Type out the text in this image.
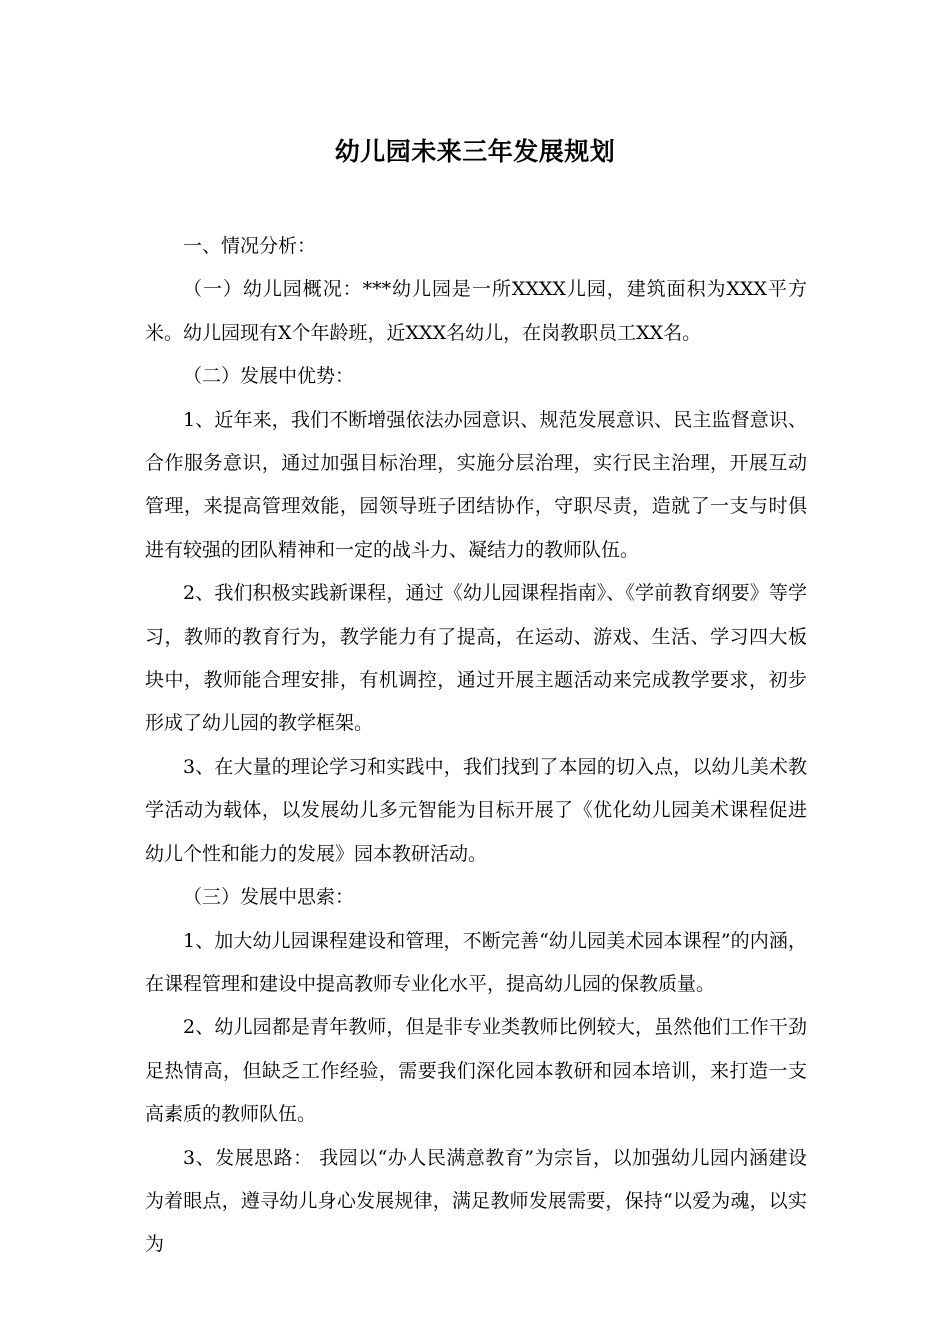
幼儿园未来三年发展规划

一、情况分析：

（一）幼儿园概况：***幼儿园是一所XXXX儿园，建筑面积为XXX平方米。幼儿园现有X个年龄班，近XXX名幼儿，在岗教职员工XX名。

（二）发展中优势：

1、近年来，我们不断增强依法办园意识、规范发展意识、民主监督意识、合作服务意识，通过加强目标治理，实施分层治理，实行民主治理，开展互动管理，来提高管理效能，园领导班子团结协作，守职尽责，造就了一支与时俱进有较强的团队精神和一定的战斗力、凝结力的教师队伍。

2、我们积极实践新课程，通过《幼儿园课程指南》、《学前教育纲要》等学习，教师的教育行为，教学能力有了提高，在运动、游戏、生活、学习四大板块中，教师能合理安排，有机调控，通过开展主题活动来完成教学要求，初步形成了幼儿园的教学框架。

3、在大量的理论学习和实践中，我们找到了本园的切入点，以幼儿美术教学活动为载体，以发展幼儿多元智能为目标开展了《优化幼儿园美术课程促进幼儿个性和能力的发展》园本教研活动。

（三）发展中思索：

1、加大幼儿园课程建设和管理，不断完善“幼儿园美术园本课程”的内涵，在课程管理和建设中提高教师专业化水平，提高幼儿园的保教质量。

2、幼儿园都是青年教师，但是非专业类教师比例较大，虽然他们工作干劲足热情高，但缺乏工作经验，需要我们深化园本教研和园本培训，来打造一支高素质的教师队伍。

3、发展思路： 我园以“办人民满意教育”为宗旨，以加强幼儿园内涵建设为着眼点，遵寻幼儿身心发展规律，满足教师发展需要，保持“以爱为魂，以实为
